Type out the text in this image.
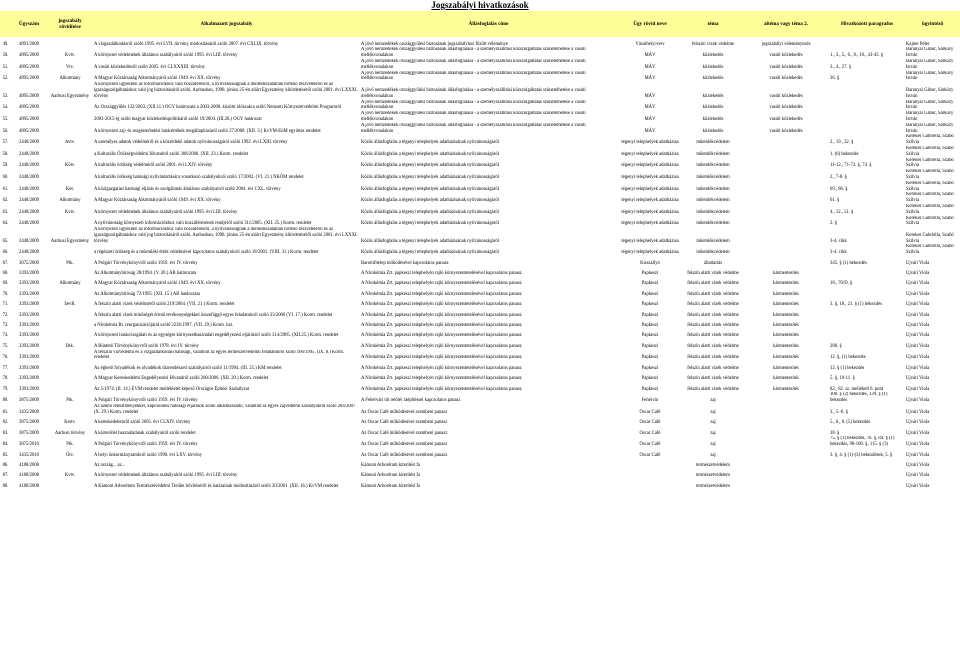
Jogszabályi hivatkozások
	Ügyszám	jogszabály rövidítése	Alkalmazott jogszabály	Állásfoglalás címe	Ügy rövid neve	téma	altéma vagy téma 2.	Hivatkozott paragrafus	ügyintéző
49.	4891/2009		A vízgazdálkodásról szóló 1995. évi LVII. törvény módosításáról szóló 2007. évi CXLIX. törvény	A jövő nemzedékek országgyűlési biztosának jogszabályhoz fűzött véleménye	Vásárhelyi-terv	felszíni vizek védelme	jogszabályi véleményezés		Kajner Péter
50.	4895/2009	Kvtv.	A környezet védelmének általános szabályairól szóló 1995. évi LIII. törvény	A jövő nemzedékek országgyűlési biztosának állásfoglalása - a személyszállítási közszolgáltatás szünetelhetése a vasúti mellékvonalakon	MÁV	közlekedés	vasúti közlekedés	1., 3., 5., 6., 8., 10., 43-45. §	Baranyai Gábor, Sárközy István
51.	4895/2009	Vtv.	A vasúti közlekedésről szóló 2005. évi CLXXXIII. törvény	A jövő nemzedékek országgyűlési biztosának állásfoglalása - a személyszállítási közszolgáltatás szünetelhetése a vasúti mellékvonalakon	MÁV	közlekedés	vasúti közlekedés	3., 4., 27. §	Baranyai Gábor, Sárközy István
52.	4895/2009	Alkotmány	A Magyar Köztársaság Alkotmányáról szóló 1949. évi XX. törvény	A jövő nemzedékek országgyűlési biztosának állásfoglalása - a személyszállítási közszolgáltatás szünetelhetése a vasúti mellékvonalakon	MÁV	közlekedés	vasúti közlekedés	36. §	Baranyai Gábor, Sárközy István
53.	4895/2009	Aarhusi Egyezmény	A környezeti ügyekben az információkhoz való hozzáférésről, a nyilvánosságnak a döntéshozatalban történő részvételéről és az igazságszolgáltatáshoz való jog biztosításáról szóló, Aarhusban, 1998. június 25-én aláírt Egyezmény kihirdetéséről szóló 2001. évi LXXXI. törvény	A jövő nemzedékek országgyűlési biztosának állásfoglalása - a személyszállítási közszolgáltatás szünetelhetése a vasúti mellékvonalakon	MÁV	közlekedés	vasúti közlekedés		Baranyai Gábor, Sárközy István
54.	4895/2009		Az Országgyűlés 132/2003. (XII.11.) OGY határozata a 2003-2008. közötti időszakra szóló Nemzeti Környezetvédelmi Programról	A jövő nemzedékek országgyűlési biztosának állásfoglalása - a személyszállítási közszolgáltatás szünetelhetése a vasúti mellékvonalakon	MÁV	közlekedés	vasúti közlekedés		Baranyai Gábor, Sárközy István
55.	4895/2009		2003-2015-ig szóló magyar közlekedéspolitikáról szóló 19/2004. (III.26.) OGY határozat	A jövő nemzedékek országgyűlési biztosának állásfoglalása - a személyszállítási közszolgáltatás szünetelhetése a vasúti mellékvonalakon	MÁV	közlekedés	vasúti közlekedés		Baranyai Gábor, Sárközy István
56.	4895/2009		A környezeti zaj- és rezgésterhelési határértékek megállapításáról szóló 27/2008. (XII. 3.) KvVM-EüM együttes rendelet	A jövő nemzedékek országgyűlési biztosának állásfoglalása - a személyszállítási közszolgáltatás szünetelhetése a vasúti mellékvonalakon	MÁV	közlekedés	vasúti közlekedés		Baranyai Gábor, Sárközy István
57.	2448/2009	Avtv.	A személyes adatok védelméről és a közérdekű adatok nyilvánosságáról szóló 1992. évi LXIII. törvény	Közös állásfoglalás a tégenyi telephelyek adatbázisának nyilvánosságáról	tégenyi telephelyek adatbázisa	műemlékvédelem		2., 19., 22. §	Kerekes Gabriella, Szabó Szilvia
58.	2448/2009		a Kulturális Örökségvédelmi Hivatalról szóló 308/2006. (XII. 23.) Korm. rendelet	Közös állásfoglalás a tégenyi telephelyek adatbázisának nyilvánosságáról	tégenyi telephelyek adatbázisa	műemlékvédelem		1. (6) bekezdés	Kerekes Gabriella, Szabó Szilvia
59.	2448/2009	Kötv.	A kulturális örökség védelméről szóló 2001. évi LXIV. törvény	Közös állásfoglalás a tégenyi telephelyek adatbázisának nyilvánosságáról	tégenyi telephelyek adatbázisa	műemlékvédelem		11-12., 71-72. §, 74. §	Kerekes Gabriella, Szabó Szilvia
60.	2448/2009		A kulturális örökség hatósági nyilvántartására vonatkozó szabályokról szóló 17/2002. (VI. 21.) NKÖM rendelet	Közös állásfoglalás a tégenyi telephelyek adatbázisának nyilvánosságáról	tégenyi telephelyek adatbázisa	műemlékvédelem		2., 7-8. §	Kerekes Gabriella, Szabó Szilvia
61.	2448/2009	Ket.	A közigazgatási hatósági eljárás és szolgáltatás általános szabályairól szóló 2004. évi CXL. törvény	Közös állásfoglalás a tégenyi telephelyek adatbázisának nyilvánosságáról	tégenyi telephelyek adatbázisa	műemlékvédelem		69., 86. §	Kerekes Gabriella, Szabó Szilvia
62.	2448/2009	Alkotmány	A Magyar Köztársaság Alkotmányáról szóló 1949. évi XX. törvény	Közös állásfoglalás a tégenyi telephelyek adatbázisának nyilvánosságáról	tégenyi telephelyek adatbázisa	műemlékvédelem		61. §	Kerekes Gabriella, Szabó Szilvia
63.	2448/2009	Kvtv.	A környezet védelmének általános szabályairól szóló 1995. évi LIII. törvény	Közös állásfoglalás a tégenyi telephelyek adatbázisának nyilvánosságáról	tégenyi telephelyek adatbázisa	műemlékvédelem		4., 12., 51. §	Kerekes Gabriella, Szabó Szilvia
64.	2448/2009		A nyilvánosság környezeti információkhoz való hozzáférésének rendjéről szóló 311/2005. (XII. 25.) Korm. rendelet	Közös állásfoglalás a tégenyi telephelyek adatbázisának nyilvánosságáról	tégenyi telephelyek adatbázisa	műemlékvédelem		2. §	Kerekes Gabriella, Szabó Szilvia
65.	2448/2009	Aarhusi Egyezmény	A környezeti ügyekben az információkhoz való hozzáférésről, a nyilvánosságnak a döntéshozatalban történő részvételéről és az igazságszolgáltatáshoz való jog biztosításáról szóló, Aarhusban, 1998. június 25-én aláírt Egyezmény kihirdetéséről szóló 2001. évi LXXXI. törvény	Közös állásfoglalás a tégenyi telephelyek adatbázisának nyilvánosságáról	tégenyi telephelyek adatbázisa	műemlékvédelem		3-4. cikk	Kerekes Gabriella, Szabó Szilvia
66.	2448/2009		a régészeti örökség és a műemléki érték védelmével kapcsolatos szabályokról szóló 18/2001. (VIII. 31.) Korm. rendelet	Közös állásfoglalás a tégenyi telephelyek adatbázisának nyilvánosságáról	tégenyi telephelyek adatbázisa	műemlékvédelem		3-4. cikk	Kerekes Gabriella, Szabó Szilvia
67.	3075/2009	Ptk.	A Polgári Törvénykönyvről szóló 1959. évi IV. törvény	Baromfitelep működésével kapcsolatos panasz	Kisszállyó	állattartás		345. § (1) bekezdés	Ujvári Viola
68.	3393/2009		Az Alkotmánybíróság 28/1994. (V. 20.) AB határozata	A Nírokémia Zrt. papkeszi telephelyén rajló környezetstetelésével kapcsolatos panasz	Papkeszi	felszín alatti vizek védelme	kármentesítés		Ujvári Viola
69.	3393/2009	Alkotmány	A Magyar Köztársaság Alkotmányáról szóló 1949. évi XX. törvény	A Nírokémia Zrt. papkeszi telephelyén rajló környezetstetelésével kapcsolatos panasz	Papkeszi	felszín alatti vizek védelme	kármentesítés	18., 70/D. §	Ujvári Viola
70.	3393/2009		Az Alkotmánybíróság 72/1995. (XII. 15.) AB határozata	A Nírokémia Zrt. papkeszi telephelyén rajló környezetstetelésével kapcsolatos panasz	Papkeszi	felszín alatti vizek védelme	kármentesítés		Ujvári Viola
71.	3393/2009	fævR.	A felszín alatti vizek védelméről szóló 219/2004. (VII. 21.) Korm. rendelet	A Nírokémia Zrt. papkeszi telephelyén rajló környezetstetelésével kapcsolatos panasz	Papkeszi	felszín alatti vizek védelme	kármentesítés	3. §, 18., 21. § (1) bekezdés	Ujvári Viola
72.	3393/2009		A felszín alatti vízek minőségét érintő tevékenységekkel összefüggő egyes feladatokról szóló 33/2000 (VI. 17.) Korm. rendelet	A Nírokémia Zrt. papkeszi telephelyén rajló környezetstetelésével kapcsolatos panasz	Papkeszi	felszín alatti vizek védelme	kármentesítés		Ujvári Viola
73.	3393/2009		a Nírokémia Rt. reorganizációjáról szóló 2236/1997. (VII. 29.) Korm. hat.	A Nírokémia Zrt. papkeszi telephelyén rajló környezetstetelésével kapcsolatos panasz	Papkeszi	felszín alatti vizek védelme	kármentesítés		Ujvári Viola
74.	3393/2009		A környezeti hatásvizsgálati és az egységes környezethasználati engedélyezési eljárásról szóló 314/2005. (XII.25.) Korm. rendelet	A Nírokémia Zrt. papkeszi telephelyén rajló környezetstetelésével kapcsolatos panasz	Papkeszi	felszín alatti vizek védelme	kármentesítés		Ujvári Viola
75.	3393/2009	Btk.	A Büntető Törvénykönyvről szóló 1978. évi IV. törvény	A Nírokémia Zrt. papkeszi telephelyén rajló környezetstetelésével kapcsolatos panasz	Papkeszi	felszín alatti vizek védelme	kármentesítés	280. §	Ujvári Viola
76.	3393/2009		A felszíni vízvédelmi és a vízgazdálkodási hatósági, valamint az egyes természetvédelmi feladatokról szóló 106/1995. (IX. 8.) Korm. rendelet	A Nírokémia Zrt. papkeszi telephelyén rajló környezetstetelésével kapcsolatos panasz	Papkeszi	felszín alatti vizek védelme	kármentesítés	12. §, (1) bekezdés	Ujvári Viola
77.	3393/2009		Az éghető folyadékok és olvadékok tűzrendészeti szabályairól szóló 11/1994. (III. 25.) KM rendelet	A Nírokémia Zrt. papkeszi telephelyén rajló környezetstetelésével kapcsolatos panasz	Papkeszi	felszín alatti vizek védelme	kármentesítés	12. § (1) bekezdés	Ujvári Viola
78.	3393/2009		A Magyar Kereskedelmi Engedélyezési Hivatalról szóló 260/2006. (XII. 20.) Korm. rendelet	A Nírokémia Zrt. papkeszi telephelyén rajló környezetstetelésével kapcsolatos panasz	Papkeszi	felszín alatti vizek védelme	kármentesítés	5. §, 10-11. §	Ujvári Viola
79.	3393/2009		Az 5/1974. (II. 14.) ÉVM rendelet mellékletét képező Országos Építési Szabályzat	A Nírokémia Zrt. papkeszi telephelyén rajló környezetstetelésével kapcsolatos panasz	Papkeszi	felszín alatti vizek védelme	kármentesítés	82., 82. sz. mellékelt 6. pont	Ujvári Viola
80.	3875/2009	Ptk.	A Polgári Törvénykönyvről szóló 1959. évi IV. törvény	A Fehérvári úti tetőtér ráépítéssel kapcsolatos panasz	Fehérvár	zaj		100. § (2) bekezdés, 339. § (1) bekezdés	Ujvári Viola
81.	3435/2009		Az üzemi létesítményekkel, kapcsolatos hatósági eljárások során alkalmazandó, valamint az egyes zajvédelmi szabályokról szóló 284/2007 (X. 29.) Korm. rendelet	Az Oscar Café működésével szembeni panasz	Oscar Café	zaj		3., 5.-6. §	Ujvári Viola
82.	3875/2009	Kertv.	A kereskedelemről szóló 2005. évi CLXIV. törvény	Az Oscar Café működésével szembeni panasz	Oscar Café	zaj		5., 6., 6. (5) bekezdés	Ujvári Viola
83.	3875/2009	Aarhusi törvény	A közterület használatának szabályairól szóló rendelet	Az Oscar Café működésével szembeni panasz	Oscar Café	zaj		18. §	Ujvári Viola
84.	3875/2010	Ptk.	A Polgári Törvénykönyvről szóló 1959. évi IV. törvény	Az Oscar Café működésével szembeni panasz	Oscar Café	zaj		75. § (1) bekezdés, 76. §, 84. § (1) bekezdés, 98-100. §, 115. § (3)	Ujvári Viola
85.	3435/2010	Ötv.	A helyi önkormányzatokról szóló 1990. évi LXV. törvény	Az Oscar Café működésével szembeni panasz	Oscar Café	zaj		3. §, 4. § (1)-(3) bekezdések, 5. §	Ujvári Viola
86.	4188/2008		Az ország... az...	Kámoni Arborétum kiterítést fa		természetvédelem			Ujvári Viola
87.	4188/2008	Kvtv.	A környezet védelmének általános szabályairól szóló 1995. évi LIII. törvény	Kámoni Arborétum kiterítést fa		természetvédelem			Ujvári Viola
88.	4188/2008		A Kámoni Arborétum Természetvédelmi Terület bővítéséről és határainak módosításáról szóló 20/2001. (XII. 16.) KvVM rendelet	Kámoni Arborétum kiterítést fa		természetvédelem			Ujvári Viola
